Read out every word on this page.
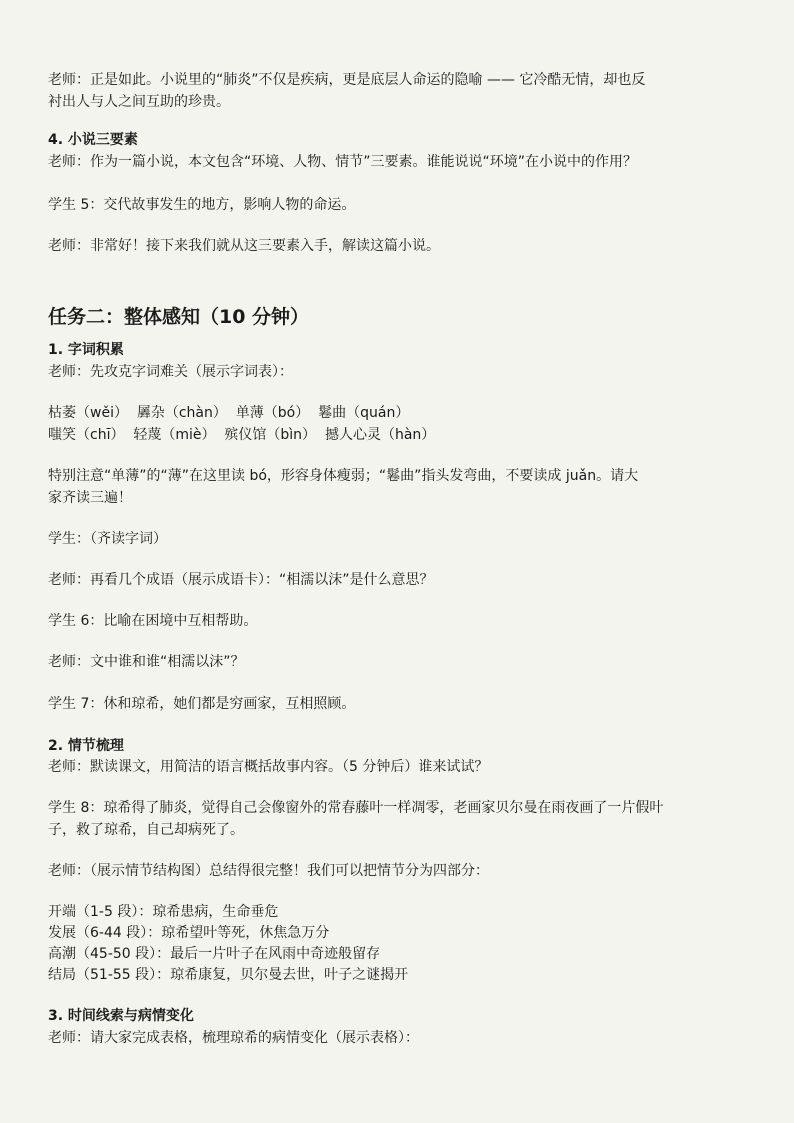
老师：正是如此。小说里的“肺炎”不仅是疾病，更是底层人命运的隐喻 —— 它冷酷无情，却也反
衬出人与人之间互助的珍贵。
4. 小说三要素
老师：作为一篇小说，本文包含“环境、人物、情节”三要素。谁能说说“环境”在小说中的作用？
学生 5：交代故事发生的地方，影响人物的命运。
老师：非常好！接下来我们就从这三要素入手，解读这篇小说。
任务二：整体感知（10 分钟）
1. 字词积累
老师：先攻克字词难关（展示字词表）：
枯萎（wěi）  羼杂（chàn）  单薄（bó）  鬈曲（quán）
嗤笑（chī）  轻蔑（miè）  殡仪馆（bìn）  撼人心灵（hàn）
特别注意“单薄”的“薄”在这里读 bó，形容身体瘦弱；“鬈曲”指头发弯曲，不要读成 juǎn。请大
家齐读三遍！
学生：（齐读字词）
老师：再看几个成语（展示成语卡）：“相濡以沫”是什么意思？
学生 6：比喻在困境中互相帮助。
老师：文中谁和谁“相濡以沫”？
学生 7：休和琼希，她们都是穷画家，互相照顾。
2. 情节梳理
老师：默读课文，用简洁的语言概括故事内容。（5 分钟后）谁来试试？
学生 8：琼希得了肺炎，觉得自己会像窗外的常春藤叶一样凋零，老画家贝尔曼在雨夜画了一片假叶
子，救了琼希，自己却病死了。
老师：（展示情节结构图）总结得很完整！我们可以把情节分为四部分：
开端（1-5 段）：琼希患病，生命垂危
发展（6-44 段）：琼希望叶等死，休焦急万分
高潮（45-50 段）：最后一片叶子在风雨中奇迹般留存
结局（51-55 段）：琼希康复，贝尔曼去世，叶子之谜揭开
3. 时间线索与病情变化
老师：请大家完成表格，梳理琼希的病情变化（展示表格）：
